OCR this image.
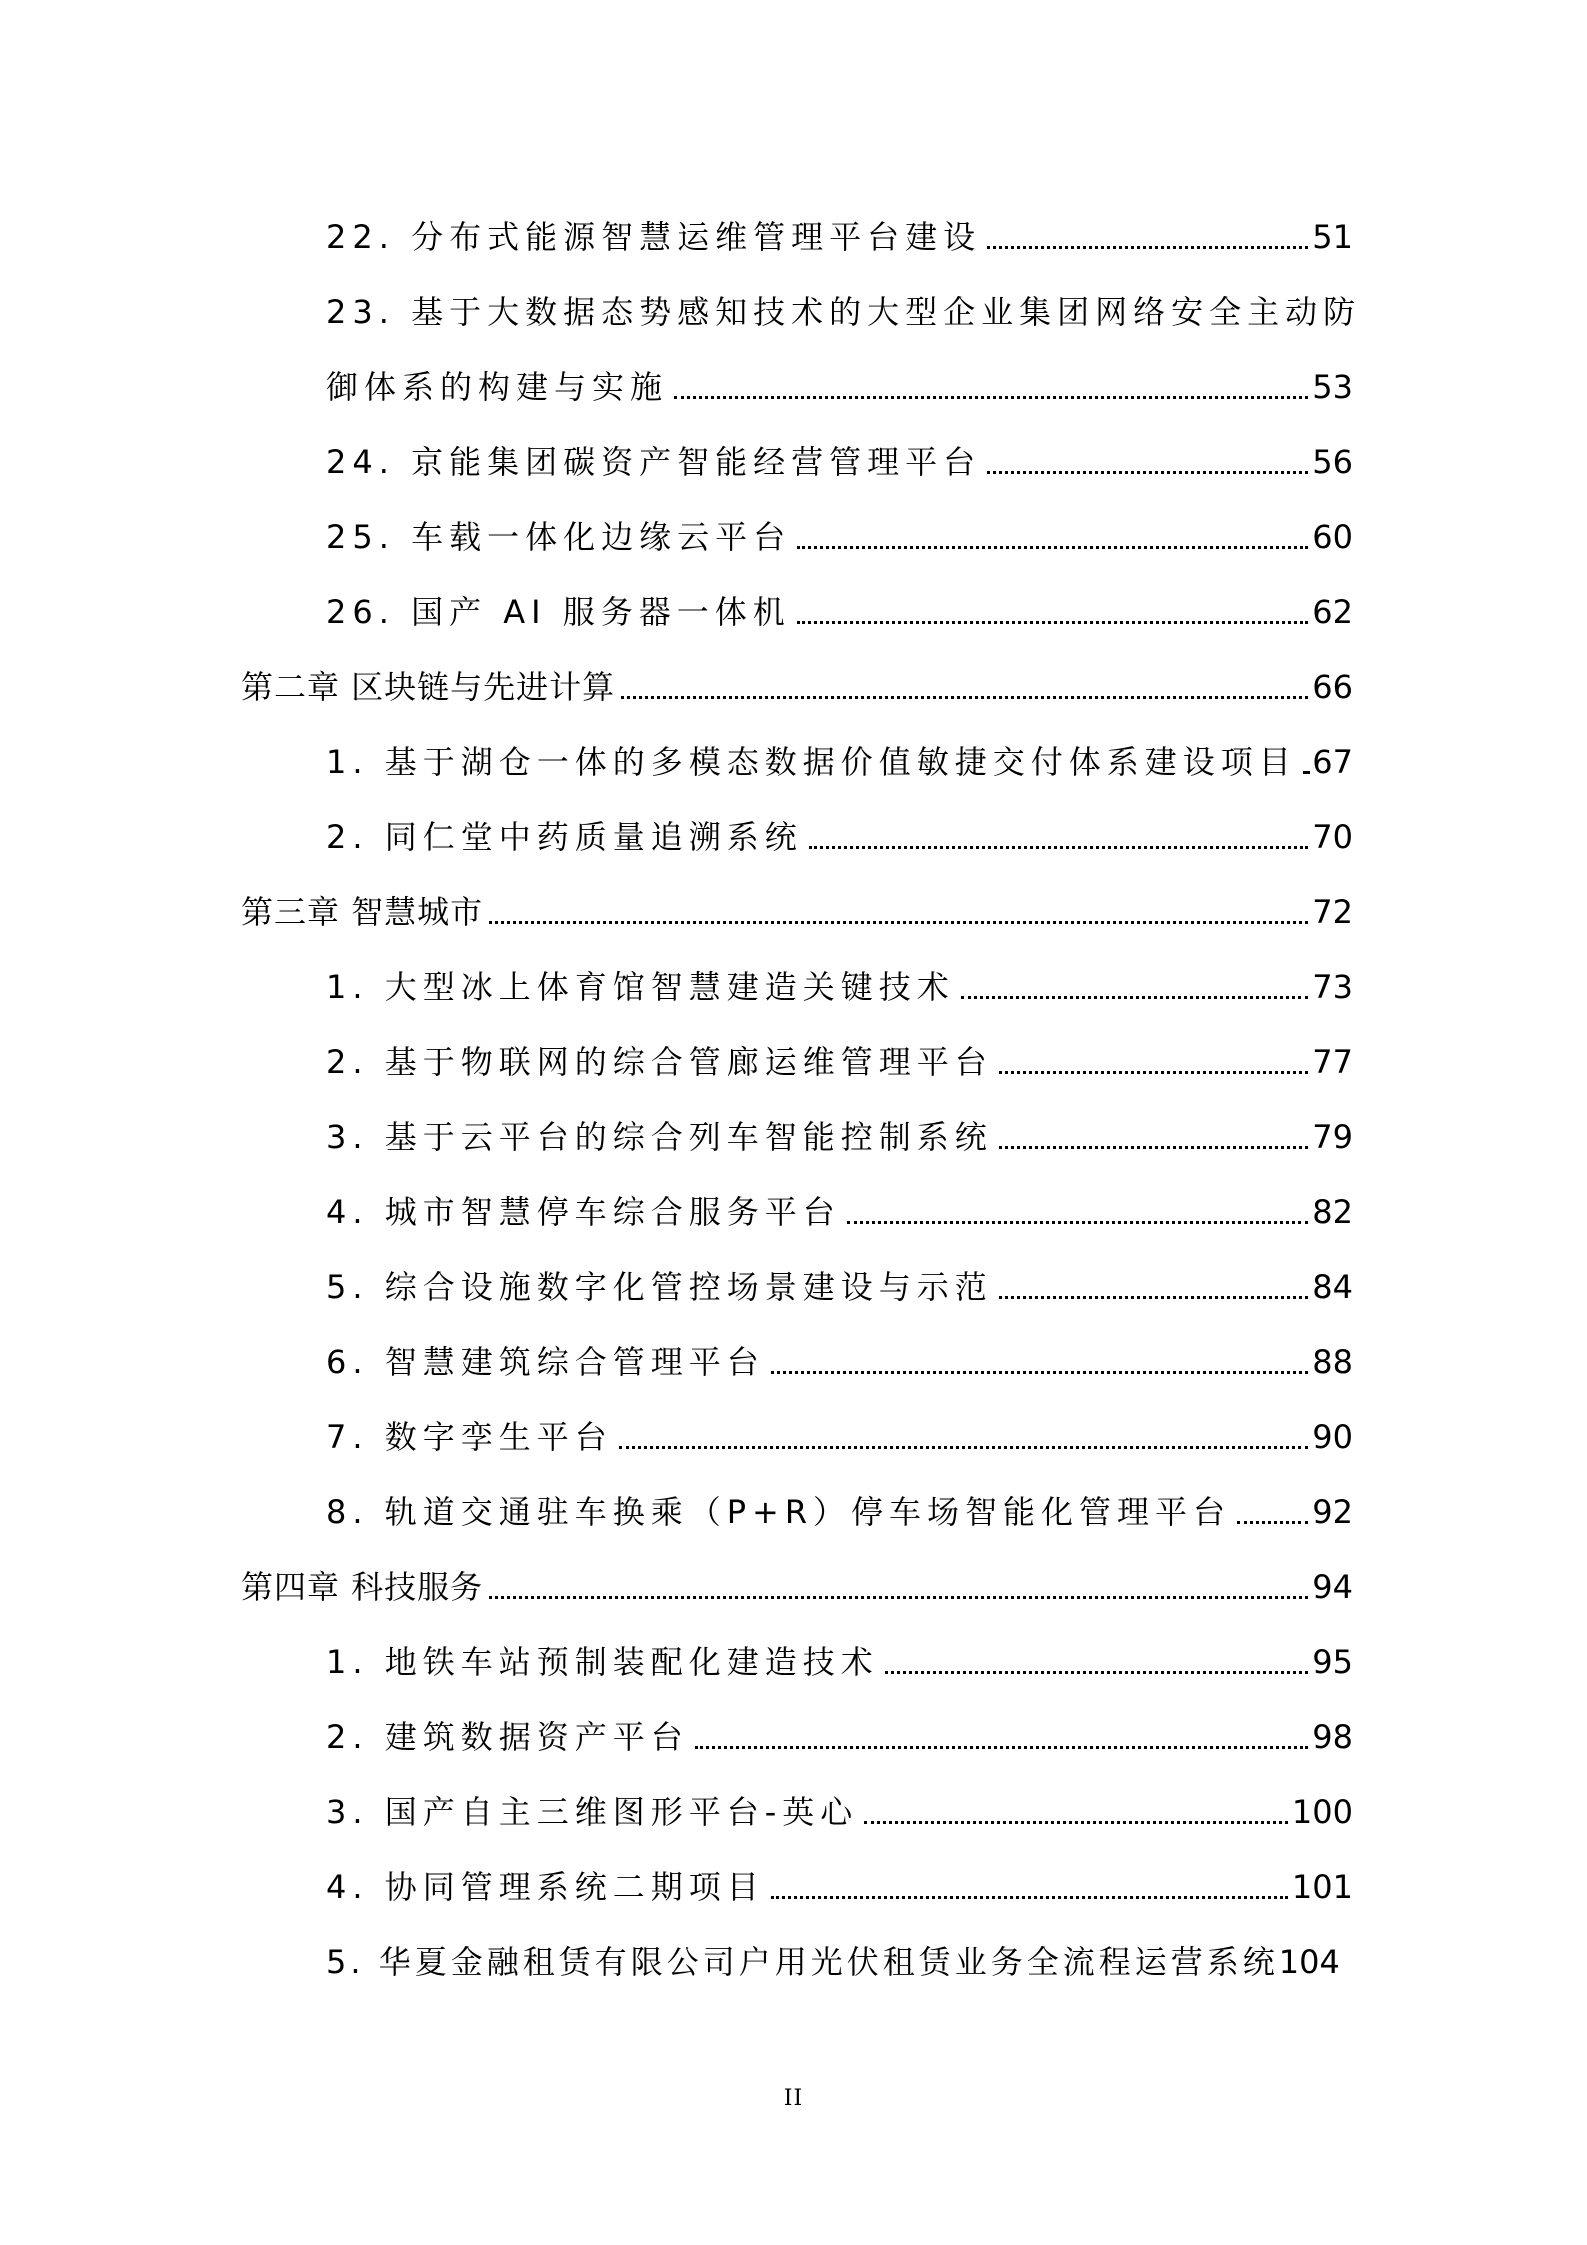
22. 分布式能源智慧运维管理平台建设	51
23. 基于大数据态势感知技术的大型企业集团网络安全主动防
御体系的构建与实施	53
24. 京能集团碳资产智能经营管理平台	56
25. 车载一体化边缘云平台	60
26. 国产 AI 服务器一体机	62
第二章 区块链与先进计算	66
1. 基于湖仓一体的多模态数据价值敏捷交付体系建设项目 67
2. 同仁堂中药质量追溯系统	70
第三章 智慧城市	72
1. 大型冰上体育馆智慧建造关键技术	73
2. 基于物联网的综合管廊运维管理平台	77
3. 基于云平台的综合列车智能控制系统	79
4. 城市智慧停车综合服务平台	82
5. 综合设施数字化管控场景建设与示范	84
6. 智慧建筑综合管理平台	88
7. 数字孪生平台	90
8. 轨道交通驻车换乘（P+R）停车场智能化管理平台	92
第四章 科技服务	94
1. 地铁车站预制装配化建造技术	95
2. 建筑数据资产平台	98
3. 国产自主三维图形平台-英心	100
4. 协同管理系统二期项目	101
5. 华夏金融租赁有限公司户用光伏租赁业务全流程运营系统 104
II
